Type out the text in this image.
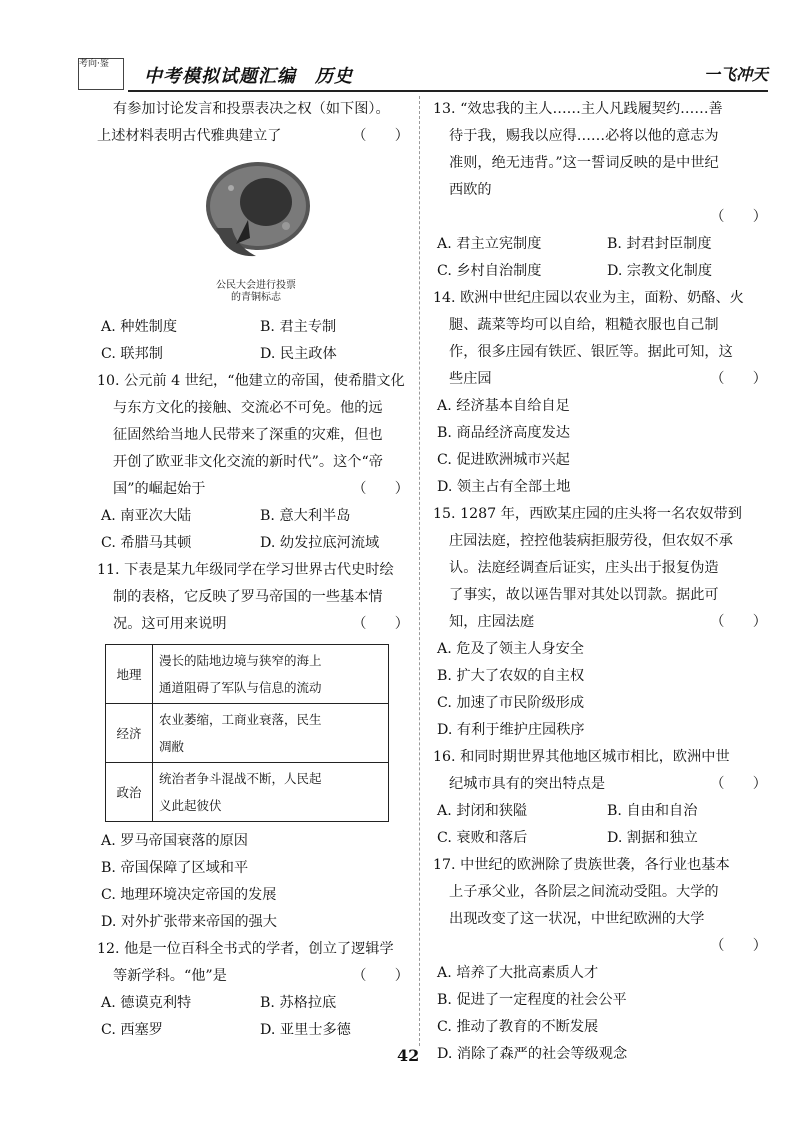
考向·鉴
中考模拟试题汇编　历史	一飞冲天
有参加讨论发言和投票表决之权（如下图）。
上述材料表明古代雅典建立了	（　　）
公民大会进行投票
的青铜标志
A. 种姓制度	B. 君主专制
C. 联邦制	D. 民主政体
10. 公元前 4 世纪，“他建立的帝国，使希腊文化
与东方文化的接触、交流必不可免。他的远
征固然给当地人民带来了深重的灾难，但也
开创了欧亚非文化交流的新时代”。这个“帝
国”的崛起始于	（　　）
A. 南亚次大陆	B. 意大利半岛
C. 希腊马其顿	D. 幼发拉底河流域
11. 下表是某九年级同学在学习世界古代史时绘
制的表格，它反映了罗马帝国的一些基本情
况。这可用来说明	（　　）
地理	漫长的陆地边境与狭窄的海上
通道阻碍了军队与信息的流动

经济	农业萎缩，工商业衰落，民生
凋敝

政治	统治者争斗混战不断，人民起
义此起彼伏
A. 罗马帝国衰落的原因
B. 帝国保障了区域和平
C. 地理环境决定帝国的发展
D. 对外扩张带来帝国的强大
12. 他是一位百科全书式的学者，创立了逻辑学
等新学科。“他”是	（　　）
A. 德谟克利特	B. 苏格拉底
C. 西塞罗	D. 亚里士多德
13. “效忠我的主人……主人凡践履契约……善
待于我，赐我以应得……必将以他的意志为
准则，绝无违背。”这一誓词反映的是中世纪
西欧的
（　　）
A. 君主立宪制度	B. 封君封臣制度
C. 乡村自治制度	D. 宗教文化制度
14. 欧洲中世纪庄园以农业为主，面粉、奶酪、火
腿、蔬菜等均可以自给，粗糙衣服也自己制
作，很多庄园有铁匠、银匠等。据此可知，这
些庄园	（　　）
A. 经济基本自给自足
B. 商品经济高度发达
C. 促进欧洲城市兴起
D. 领主占有全部土地
15. 1287 年，西欧某庄园的庄头将一名农奴带到
庄园法庭，控控他装病拒服劳役，但农奴不承
认。法庭经调查后证实，庄头出于报复伪造
了事实，故以诬告罪对其处以罚款。据此可
知，庄园法庭	（　　）
A. 危及了领主人身安全
B. 扩大了农奴的自主权
C. 加速了市民阶级形成
D. 有利于维护庄园秩序
16. 和同时期世界其他地区城市相比，欧洲中世
纪城市具有的突出特点是	（　　）
A. 封闭和狭隘	B. 自由和自治
C. 衰败和落后	D. 割据和独立
17. 中世纪的欧洲除了贵族世袭，各行业也基本
上子承父业，各阶层之间流动受阻。大学的
出现改变了这一状况，中世纪欧洲的大学
（　　）
A. 培养了大批高素质人才
B. 促进了一定程度的社会公平
C. 推动了教育的不断发展
D. 消除了森严的社会等级观念
42
